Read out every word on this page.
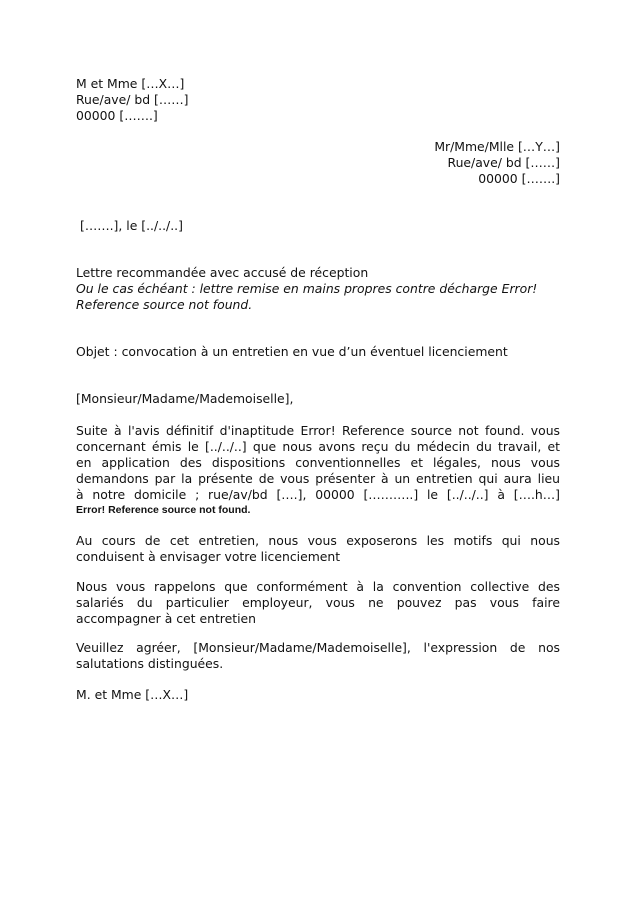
M et Mme […X…]
Rue/ave/ bd [……]
00000 […….]
Mr/Mme/Mlle […Y…]
Rue/ave/ bd [……]
00000 […….]
[…….], le [../../..]
Lettre recommandée avec accusé de réception
Ou le cas échéant : lettre remise en mains propres contre décharge Error!
Reference source not found.
Objet : convocation à un entretien en vue d’un éventuel licenciement
[Monsieur/Madame/Mademoiselle],
Suite à l'avis définitif d'inaptitude Error! Reference source not found. vous
concernant émis le [../../..] que nous avons reçu du médecin du travail, et
en application des dispositions conventionnelles et légales, nous vous
demandons par la présente de vous présenter à un entretien qui aura lieu
à notre domicile ; rue/av/bd [….], 00000 [………..] le [../../..] à [….h…]
Error! Reference source not found.

Au cours de cet entretien, nous vous exposerons les motifs qui nous conduisent à envisager votre licenciement

Nous vous rappelons que conformément à la convention collective des salariés du particulier employeur, vous ne pouvez pas vous faire accompagner à cet entretien

Veuillez agréer, [Monsieur/Madame/Mademoiselle], l'expression de nos salutations distinguées.

M. et Mme […X…]
